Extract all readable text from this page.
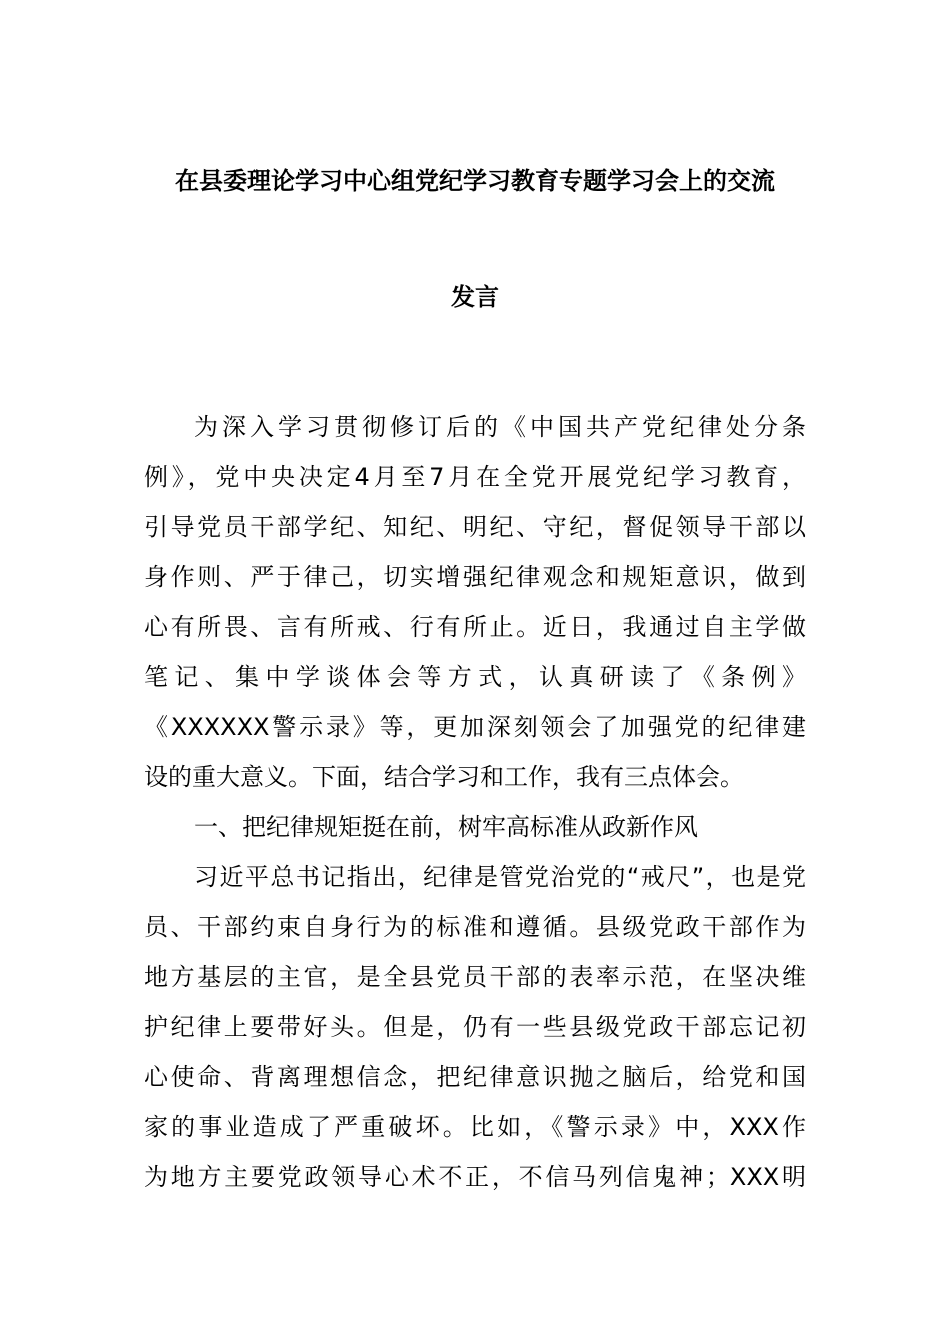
在县委理论学习中心组党纪学习教育专题学习会上的交流
发言
为深入学习贯彻修订后的《中国共产党纪律处分条
例》，党中央决定4月至7月在全党开展党纪学习教育，
引导党员干部学纪、知纪、明纪、守纪，督促领导干部以
身作则、严于律己，切实增强纪律观念和规矩意识，做到
心有所畏、言有所戒、行有所止。近日，我通过自主学做
笔记、集中学谈体会等方式，认真研读了《条例》
《XXXXXX警示录》等，更加深刻领会了加强党的纪律建
设的重大意义。下面，结合学习和工作，我有三点体会。
一、把纪律规矩挺在前，树牢高标准从政新作风
习近平总书记指出，纪律是管党治党的“戒尺”，也是党
员、干部约束自身行为的标准和遵循。县级党政干部作为
地方基层的主官，是全县党员干部的表率示范，在坚决维
护纪律上要带好头。但是，仍有一些县级党政干部忘记初
心使命、背离理想信念，把纪律意识抛之脑后，给党和国
家的事业造成了严重破坏。比如，《警示录》中，XXX作
为地方主要党政领导心术不正，不信马列信鬼神；XXX明
